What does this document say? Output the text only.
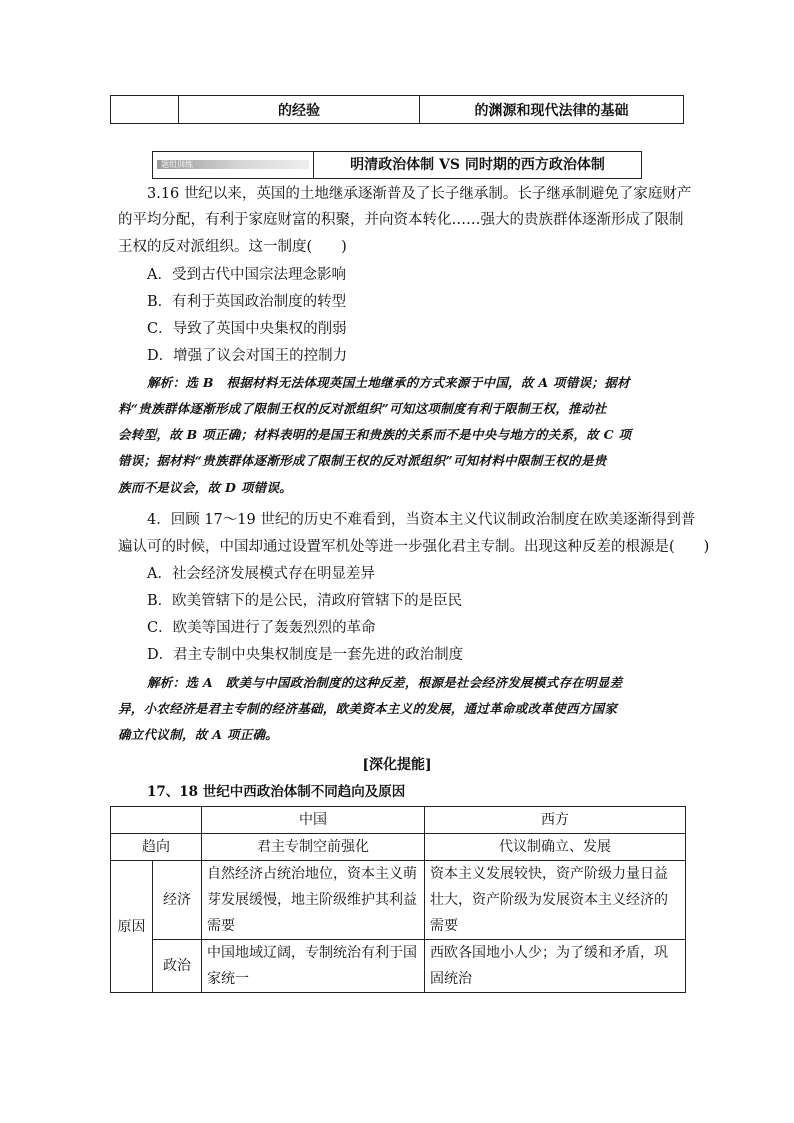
	的经验	的渊源和现代法律的基础
题组训练	明清政治体制 VS 同时期的西方政治体制
3.16 世纪以来，英国的土地继承逐渐普及了长子继承制。长子继承制避免了家庭财产
的平均分配，有利于家庭财富的积聚，并向资本转化……强大的贵族群体逐渐形成了限制
王权的反对派组织。这一制度(　　)
A．受到古代中国宗法理念影响
B．有利于英国政治制度的转型
C．导致了英国中央集权的削弱
D．增强了议会对国王的控制力
解析：选 B　根据材料无法体现英国土地继承的方式来源于中国，故 A 项错误；据材
料“贵族群体逐渐形成了限制王权的反对派组织”可知这项制度有利于限制王权，推动社
会转型，故 B 项正确；材料表明的是国王和贵族的关系而不是中央与地方的关系，故 C 项
错误；据材料“贵族群体逐渐形成了限制王权的反对派组织”可知材料中限制王权的是贵
族而不是议会，故 D 项错误。
4．回顾 17～19 世纪的历史不难看到，当资本主义代议制政治制度在欧美逐渐得到普
遍认可的时候，中国却通过设置军机处等进一步强化君主专制。出现这种反差的根源是(　　)
A．社会经济发展模式存在明显差异
B．欧美管辖下的是公民，清政府管辖下的是臣民
C．欧美等国进行了轰轰烈烈的革命
D．君主专制中央集权制度是一套先进的政治制度
解析：选 A　欧美与中国政治制度的这种反差，根源是社会经济发展模式存在明显差
异，小农经济是君主专制的经济基础，欧美资本主义的发展，通过革命或改革使西方国家
确立代议制，故 A 项正确。
[深化提能]
17、18 世纪中西政治体制不同趋向及原因
		中国	西方
趋向		君主专制空前强化	代议制确立、发展
原因	经济	自然经济占统治地位，资本主义萌芽发展缓慢，地主阶级维护其利益需要	资本主义发展较快，资产阶级力量日益壮大，资产阶级为发展资本主义经济的需要
	政治	中国地域辽阔，专制统治有利于国家统一	西欧各国地小人少；为了缓和矛盾，巩固统治
